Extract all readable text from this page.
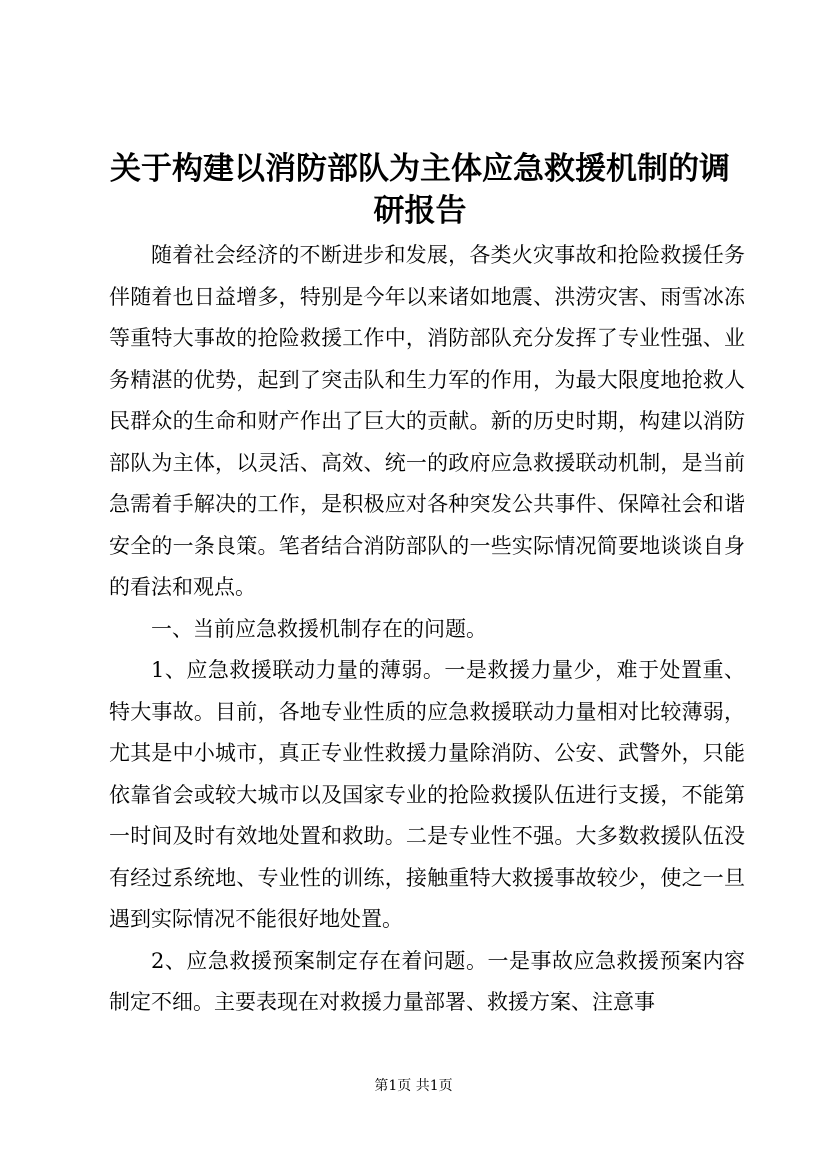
关于构建以消防部队为主体应急救援机制的调研报告

随着社会经济的不断进步和发展，各类火灾事故和抢险救援任务伴随着也日益增多，特别是今年以来诸如地震、洪涝灾害、雨雪冰冻等重特大事故的抢险救援工作中，消防部队充分发挥了专业性强、业务精湛的优势，起到了突击队和生力军的作用，为最大限度地抢救人民群众的生命和财产作出了巨大的贡献。新的历史时期，构建以消防部队为主体，以灵活、高效、统一的政府应急救援联动机制，是当前急需着手解决的工作，是积极应对各种突发公共事件、保障社会和谐安全的一条良策。笔者结合消防部队的一些实际情况简要地谈谈自身的看法和观点。

一、当前应急救援机制存在的问题。

1、应急救援联动力量的薄弱。一是救援力量少，难于处置重、特大事故。目前，各地专业性质的应急救援联动力量相对比较薄弱，尤其是中小城市，真正专业性救援力量除消防、公安、武警外，只能依靠省会或较大城市以及国家专业的抢险救援队伍进行支援，不能第一时间及时有效地处置和救助。二是专业性不强。大多数救援队伍没有经过系统地、专业性的训练，接触重特大救援事故较少，使之一旦遇到实际情况不能很好地处置。

2、应急救援预案制定存在着问题。一是事故应急救援预案内容制定不细。主要表现在对救援力量部署、救援方案、注意事

第1页 共1页
